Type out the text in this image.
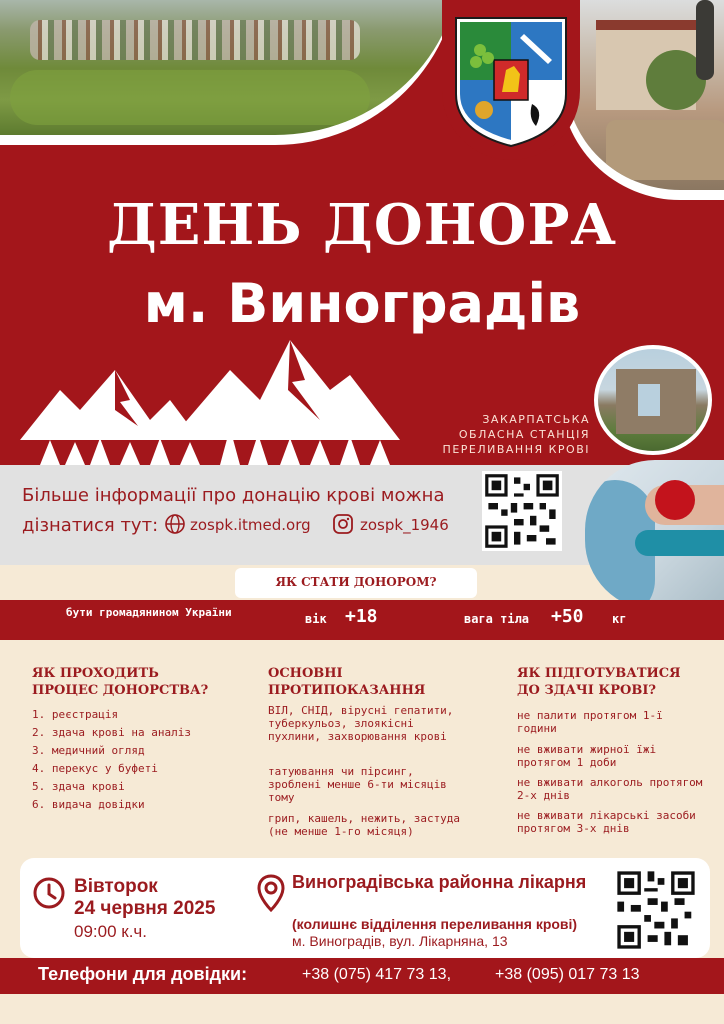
ДЕНЬ ДОНОРА
м. Виноградів
ЗАКАРПАТСЬКА
ОБЛАСНА СТАНЦІЯ
ПЕРЕЛИВАННЯ КРОВІ
Більше інформації про донацію крові можна
дізнатися тут: zospk.itmed.org	zospk_1946
ЯК СТАТИ ДОНОРОМ?
бути громадянином України	вік +18	вага тіла +50 кг
ЯК ПРОХОДИТЬ
ПРОЦЕС ДОНОРСТВА?
1. реєстрація
2. здача крові на аналіз
3. медичний огляд
4. перекус у буфеті
5. здача крові
6. видача довідки
ОСНОВНІ
ПРОТИПОКАЗАННЯ
ВІЛ, СНІД, вірусні гепатити, туберкульоз, злоякісні пухлини, захворювання крові
татуювання чи пірсинг, зроблені менше 6-ти місяців тому
грип, кашель, нежить, застуда (не менше 1-го місяця)
ЯК ПІДГОТУВАТИСЯ
ДО ЗДАЧІ КРОВІ?
не палити протягом 1-ї години
не вживати жирної їжі протягом 1 доби
не вживати алкоголь протягом 2-х днів
не вживати лікарські засоби протягом 3-х днів
Вівторок
24 червня 2025
09:00 к.ч.
Виноградівська районна лікарня
(колишнє відділення переливання крові)
м. Виноградів, вул. Лікарняна, 13
Телефони для довідки:	+38 (075) 417 73 13,	+38 (095) 017 73 13
